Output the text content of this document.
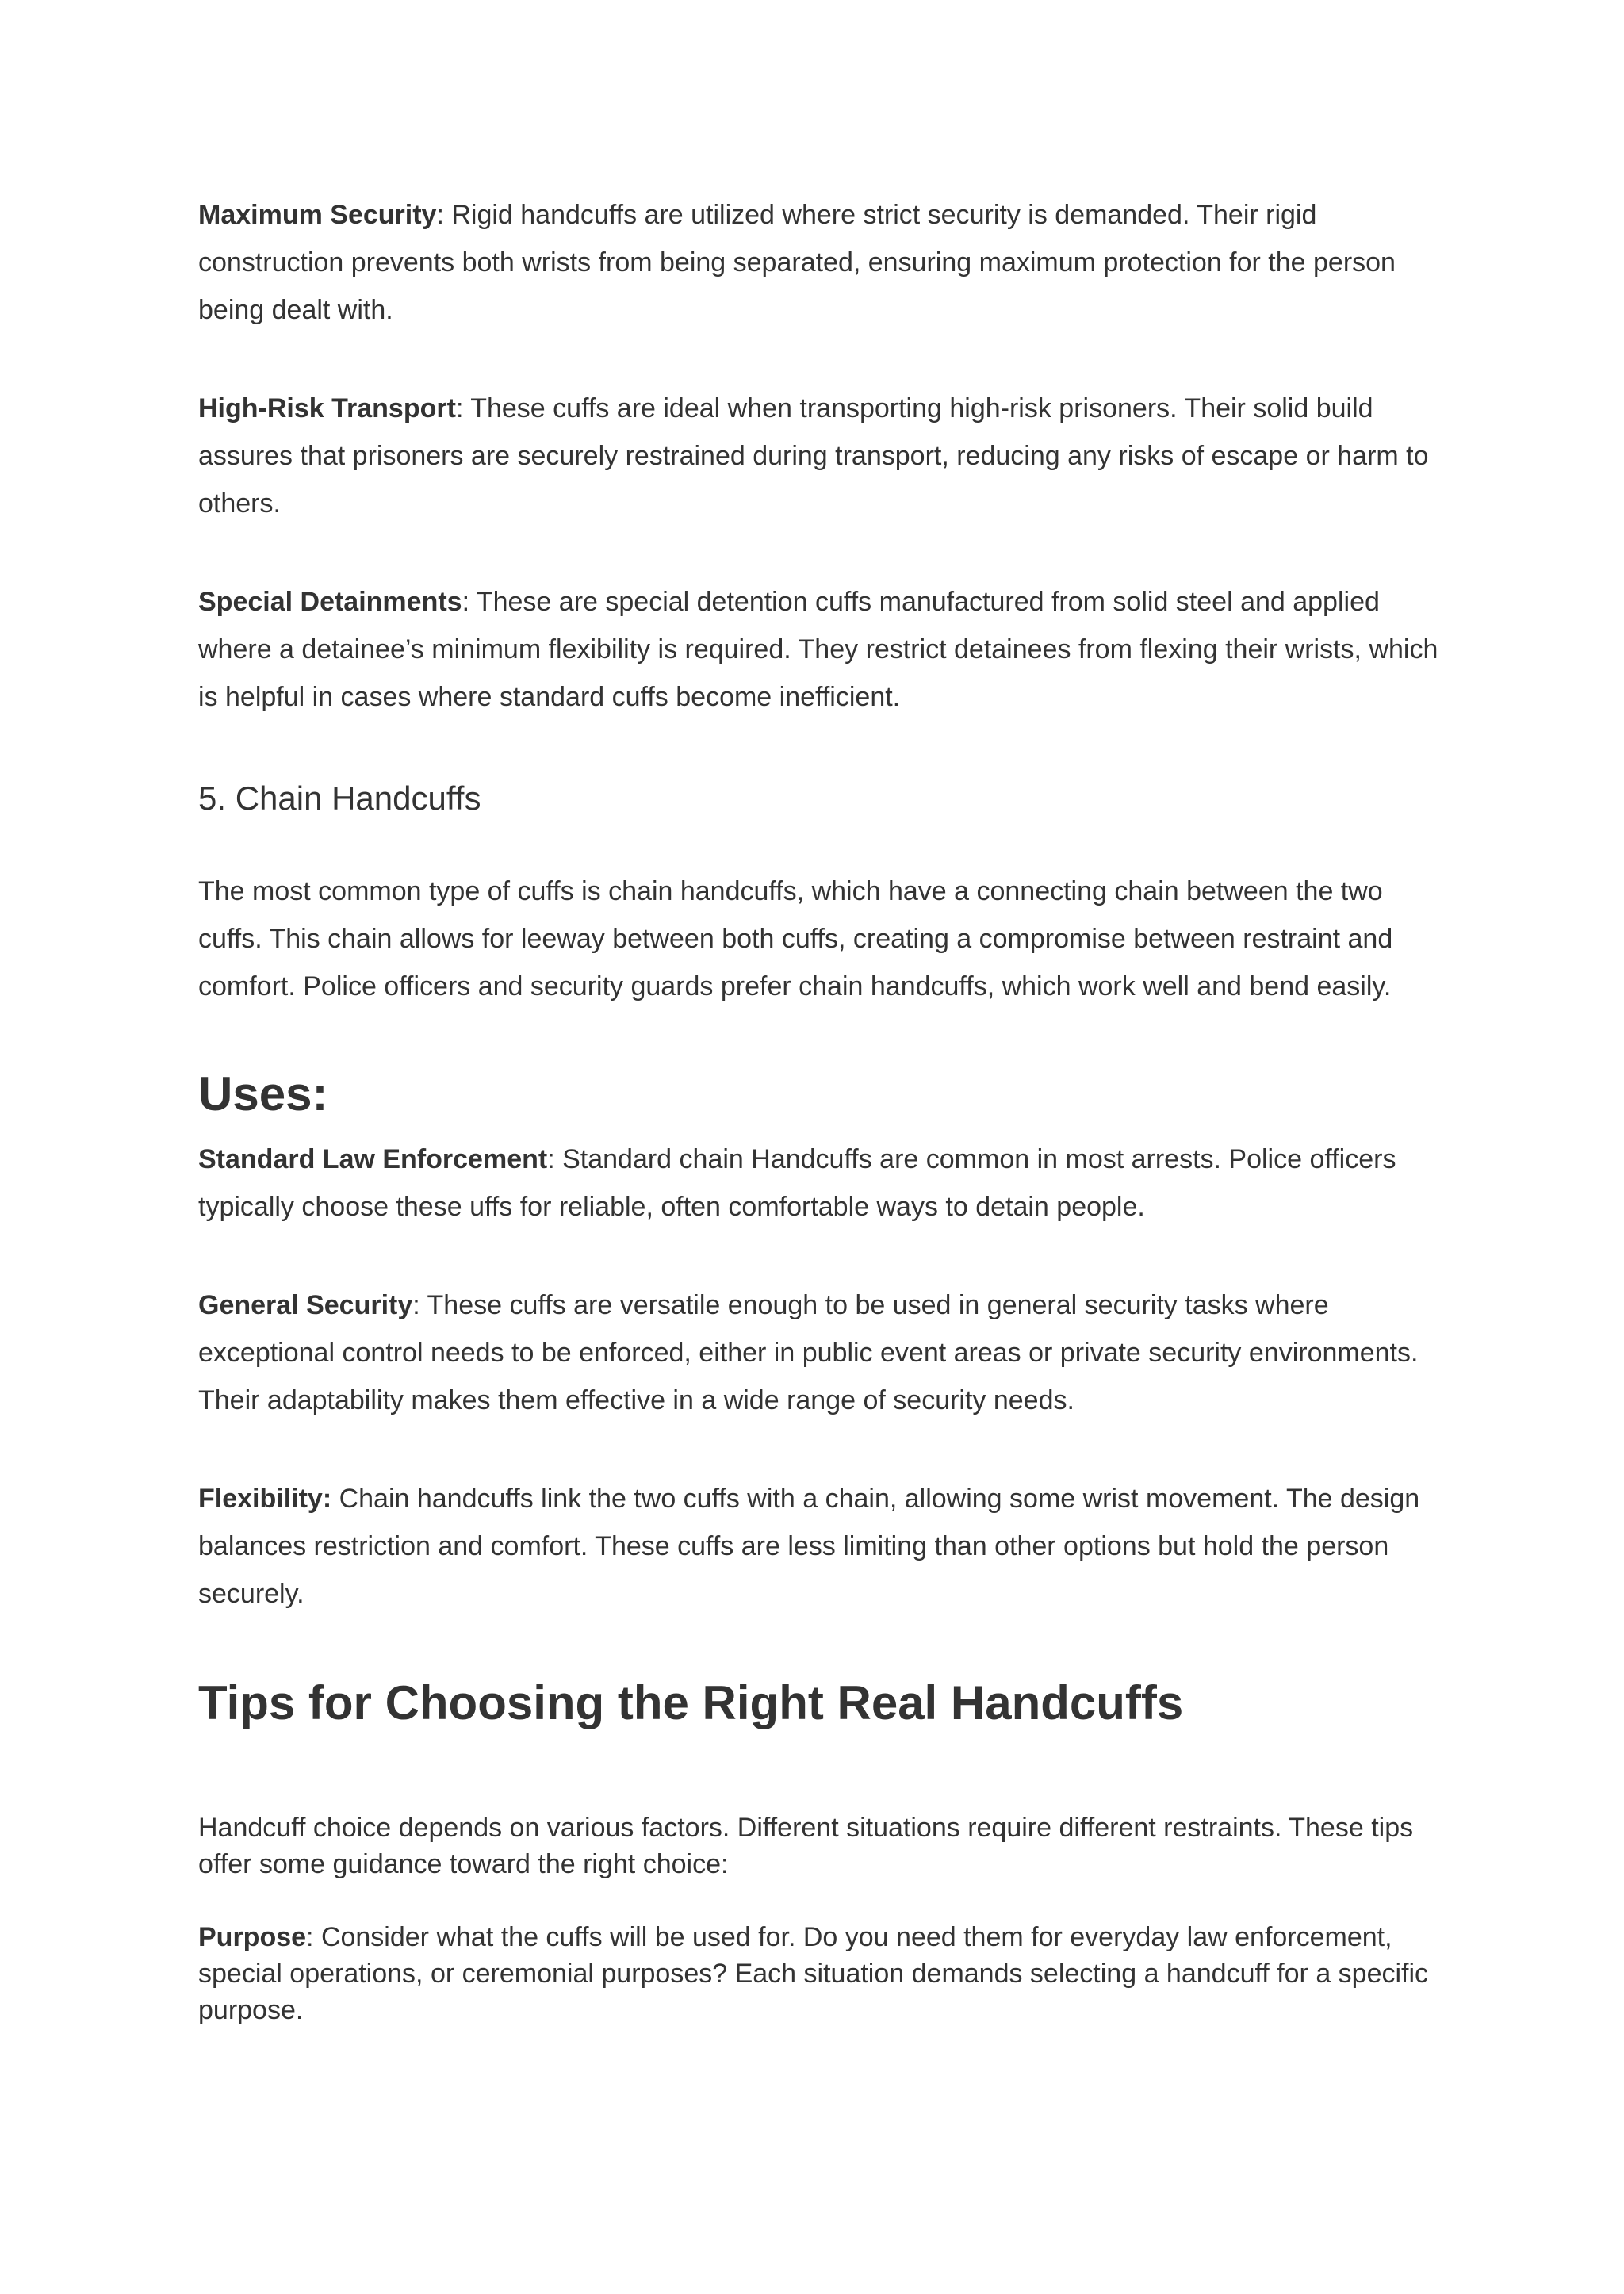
Maximum Security: Rigid handcuffs are utilized where strict security is demanded. Their rigid construction prevents both wrists from being separated, ensuring maximum protection for the person being dealt with.

High-Risk Transport: These cuffs are ideal when transporting high-risk prisoners. Their solid build assures that prisoners are securely restrained during transport, reducing any risks of escape or harm to others.

Special Detainments: These are special detention cuffs manufactured from solid steel and applied where a detainee’s minimum flexibility is required. They restrict detainees from flexing their wrists, which is helpful in cases where standard cuffs become inefficient.

5. Chain Handcuffs

The most common type of cuffs is chain handcuffs, which have a connecting chain between the two cuffs. This chain allows for leeway between both cuffs, creating a compromise between restraint and comfort. Police officers and security guards prefer chain handcuffs, which work well and bend easily.

Uses:

Standard Law Enforcement: Standard chain Handcuffs are common in most arrests. Police officers typically choose these uffs for reliable, often comfortable ways to detain people.

General Security: These cuffs are versatile enough to be used in general security tasks where exceptional control needs to be enforced, either in public event areas or private security environments. Their adaptability makes them effective in a wide range of security needs.

Flexibility: Chain handcuffs link the two cuffs with a chain, allowing some wrist movement. The design balances restriction and comfort. These cuffs are less limiting than other options but hold the person securely.

Tips for Choosing the Right Real Handcuffs

Handcuff choice depends on various factors. Different situations require different restraints. These tips offer some guidance toward the right choice:

Purpose: Consider what the cuffs will be used for. Do you need them for everyday law enforcement, special operations, or ceremonial purposes? Each situation demands selecting a handcuff for a specific purpose.
